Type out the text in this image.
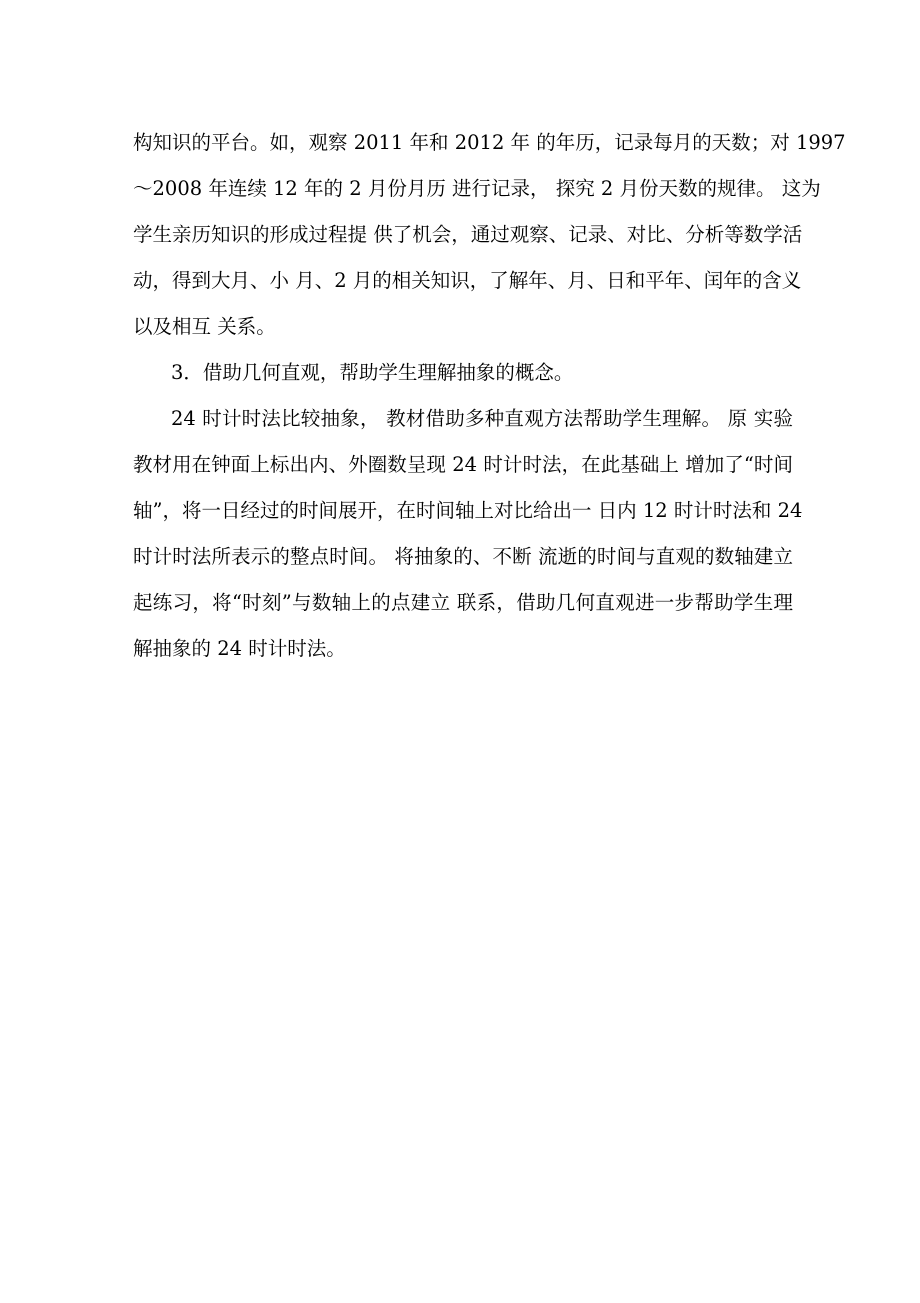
构知识的平台。如，观察 2011 年和 2012 年 的年历，记录每月的天数；对 1997
～2008 年连续 12 年的 2 月份月历 进行记录， 探究 2 月份天数的规律。 这为
学生亲历知识的形成过程提 供了机会，通过观察、记录、对比、分析等数学活
动，得到大月、小 月、2 月的相关知识，了解年、月、日和平年、闰年的含义
以及相互 关系。
3．借助几何直观，帮助学生理解抽象的概念。
24 时计时法比较抽象， 教材借助多种直观方法帮助学生理解。 原 实验
教材用在钟面上标出内、外圈数呈现 24 时计时法，在此基础上 增加了“时间
轴”，将一日经过的时间展开，在时间轴上对比给出一 日内 12 时计时法和 24
时计时法所表示的整点时间。 将抽象的、不断 流逝的时间与直观的数轴建立
起练习，将“时刻”与数轴上的点建立 联系，借助几何直观进一步帮助学生理
解抽象的 24 时计时法。
